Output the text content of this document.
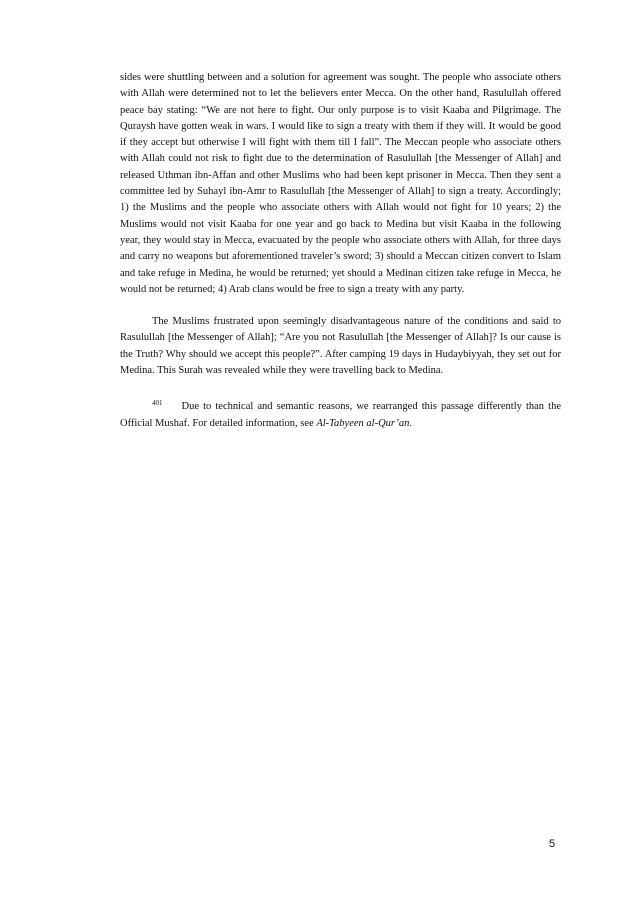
sides were shuttling between and a solution for agreement was sought. The people who associate others with Allah were determined not to let the believers enter Mecca. On the other hand, Rasulullah offered peace bay stating: “We are not here to fight. Our only purpose is to visit Kaaba and Pilgrimage. The Quraysh have gotten weak in wars. I would like to sign a treaty with them if they will. It would be good if they accept but otherwise I will fight with them till I fall”. The Meccan people who associate others with Allah could not risk to fight due to the determination of Rasulullah [the Messenger of Allah] and released Uthman ibn-Affan and other Muslims who had been kept prisoner in Mecca. Then they sent a committee led by Suhayl ibn-Amr to Rasulullah [the Messenger of Allah] to sign a treaty. Accordingly; 1) the Muslims and the people who associate others with Allah would not fight for 10 years; 2) the Muslims would not visit Kaaba for one year and go back to Medina but visit Kaaba in the following year, they would stay in Mecca, evacuated by the people who associate others with Allah, for three days and carry no weapons but aforementioned traveler’s sword; 3) should a Meccan citizen convert to Islam and take refuge in Medina, he would be returned; yet should a Medinan citizen take refuge in Mecca, he would not be returned; 4) Arab clans would be free to sign a treaty with any party.

The Muslims frustrated upon seemingly disadvantageous nature of the conditions and said to Rasulullah [the Messenger of Allah]; “Are you not Rasulullah [the Messenger of Allah]? Is our cause is the Truth? Why should we accept this people?”. After camping 19 days in Hudaybiyyah, they set out for Medina. This Surah was revealed while they were travelling back to Medina.

$^{401}$ Due to technical and semantic reasons, we rearranged this passage differently than the Official Mushaf. For detailed information, see Al-Tabyeen al-Qur’an.

5
